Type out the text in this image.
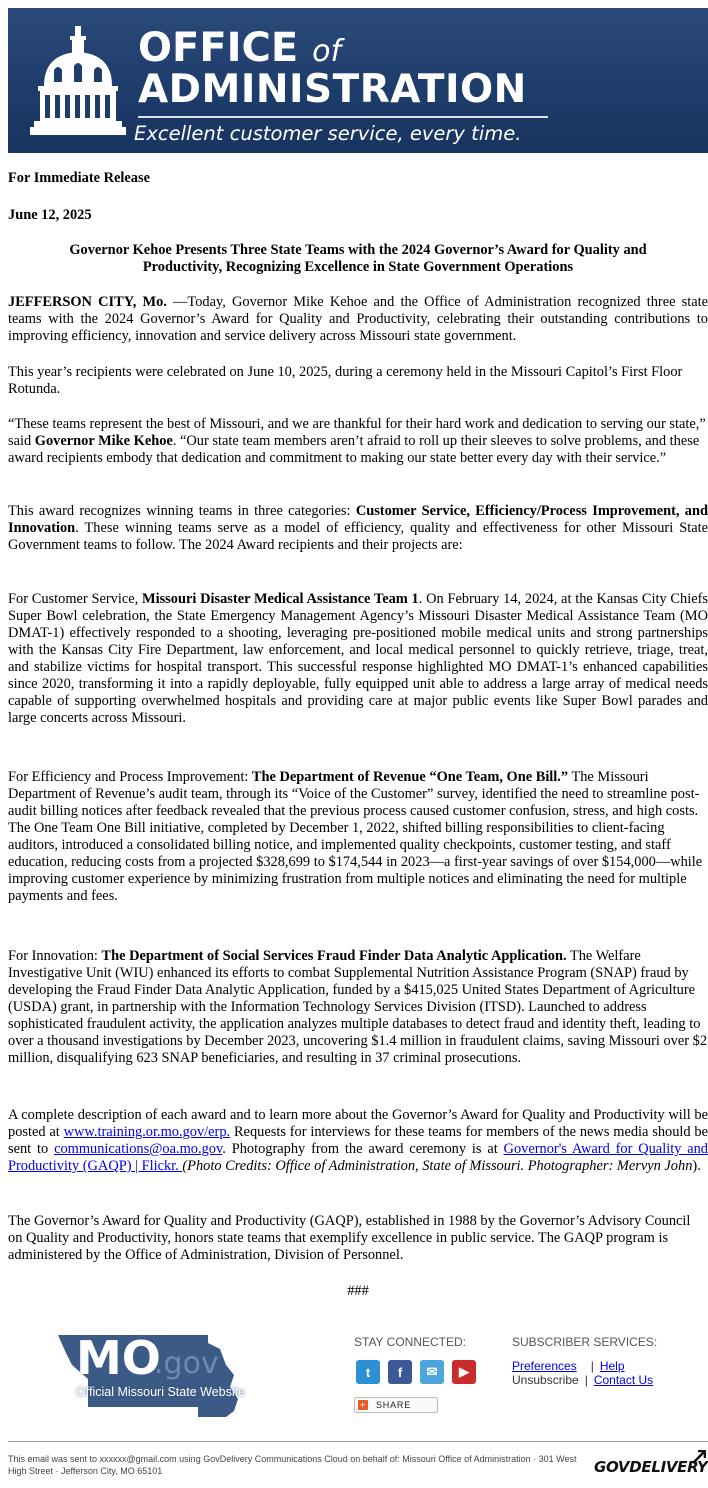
OFFICE of
ADMINISTRATION
Excellent customer service, every time.
For Immediate Release
June 12, 2025
Governor Kehoe Presents Three State Teams with the 2024 Governor’s Award for Quality and
Productivity, Recognizing Excellence in State Government Operations

JEFFERSON CITY, Mo. —Today, Governor Mike Kehoe and the Office of Administration recognized three state teams with the 2024 Governor’s Award for Quality and Productivity, celebrating their outstanding contributions to improving efficiency, innovation and service delivery across Missouri state government.

This year’s recipients were celebrated on June 10, 2025, during a ceremony held in the Missouri Capitol’s First Floor Rotunda.

“These teams represent the best of Missouri, and we are thankful for their hard work and dedication to serving our state,” said Governor Mike Kehoe. “Our state team members aren’t afraid to roll up their sleeves to solve problems, and these award recipients embody that dedication and commitment to making our state better every day with their service.”

This award recognizes winning teams in three categories: Customer Service, Efficiency/Process Improvement, and Innovation. These winning teams serve as a model of efficiency, quality and effectiveness for other Missouri State Government teams to follow. The 2024 Award recipients and their projects are:

For Customer Service, Missouri Disaster Medical Assistance Team 1. On February 14, 2024, at the Kansas City Chiefs Super Bowl celebration, the State Emergency Management Agency’s Missouri Disaster Medical Assistance Team (MO DMAT-1) effectively responded to a shooting, leveraging pre-positioned mobile medical units and strong partnerships with the Kansas City Fire Department, law enforcement, and local medical personnel to quickly retrieve, triage, treat, and stabilize victims for hospital transport. This successful response highlighted MO DMAT-1’s enhanced capabilities since 2020, transforming it into a rapidly deployable, fully equipped unit able to address a large array of medical needs capable of supporting overwhelmed hospitals and providing care at major public events like Super Bowl parades and large concerts across Missouri.

For Efficiency and Process Improvement: The Department of Revenue “One Team, One Bill.” The Missouri Department of Revenue’s audit team, through its “Voice of the Customer” survey, identified the need to streamline post-audit billing notices after feedback revealed that the previous process caused customer confusion, stress, and high costs. The One Team One Bill initiative, completed by December 1, 2022, shifted billing responsibilities to client-facing auditors, introduced a consolidated billing notice, and implemented quality checkpoints, customer testing, and staff education, reducing costs from a projected $328,699 to $174,544 in 2023—a first-year savings of over $154,000—while improving customer experience by minimizing frustration from multiple notices and eliminating the need for multiple payments and fees.

For Innovation: The Department of Social Services Fraud Finder Data Analytic Application. The Welfare Investigative Unit (WIU) enhanced its efforts to combat Supplemental Nutrition Assistance Program (SNAP) fraud by developing the Fraud Finder Data Analytic Application, funded by a $415,025 United States Department of Agriculture (USDA) grant, in partnership with the Information Technology Services Division (ITSD). Launched to address sophisticated fraudulent activity, the application analyzes multiple databases to detect fraud and identity theft, leading to over a thousand investigations by December 2023, uncovering $1.4 million in fraudulent claims, saving Missouri over $2 million, disqualifying 623 SNAP beneficiaries, and resulting in 37 criminal prosecutions.

A complete description of each award and to learn more about the Governor’s Award for Quality and Productivity will be posted at www.training.or.mo.gov/erp. Requests for interviews for these teams for members of the news media should be sent to communications@oa.mo.gov. Photography from the award ceremony is at Governor's Award for Quality and Productivity (GAQP) | Flickr. (Photo Credits: Office of Administration, State of Missouri. Photographer: Mervyn John).

The Governor’s Award for Quality and Productivity (GAQP), established in 1988 by the Governor’s Advisory Council on Quality and Productivity, honors state teams that exemplify excellence in public service. The GAQP program is administered by the Office of Administration, Division of Personnel.

###
MO
.gov
Official Missouri State Website
STAY CONNECTED:
t	f	✉	▶
+ SHARE
SUBSCRIBER SERVICES:
Preferences | Help
Unsubscribe | Contact Us
This email was sent to xxxxxx@gmail.com using GovDelivery Communications Cloud on behalf of: Missouri Office of Administration · 301 West High Street · Jefferson City, MO 65101	GOVDELIVERY
